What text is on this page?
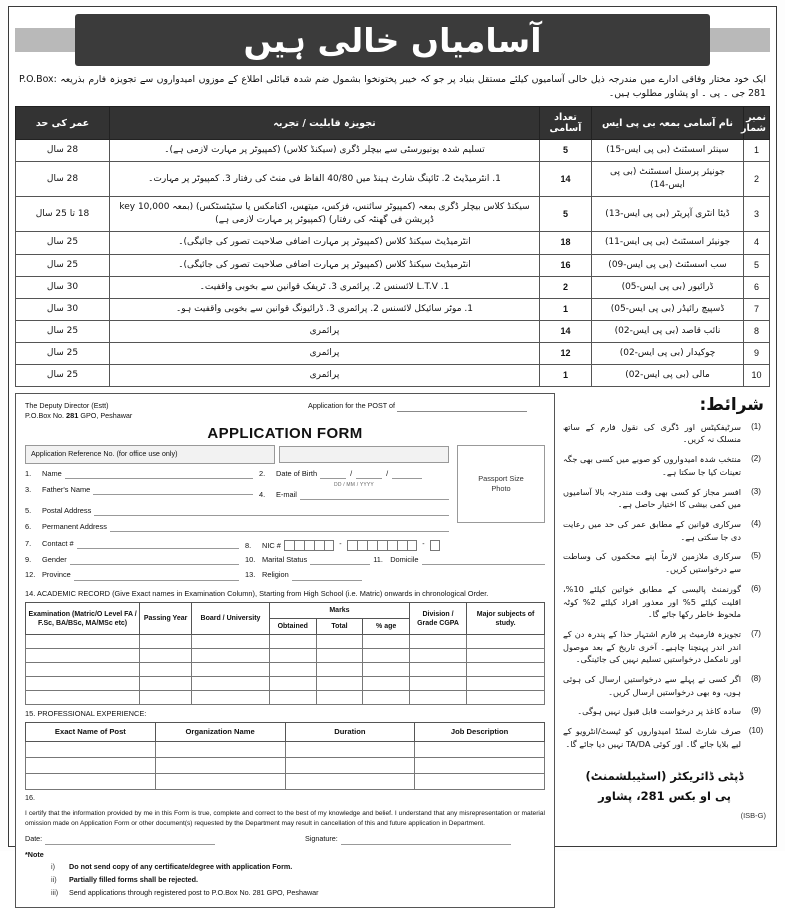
آسامیاں خالی ہیں
ایک خود مختار وفاقی ادارے میں مندرجہ ذیل خالی آسامیوں کیلئے مستقل بنیاد پر جو کہ خیبر پختونخوا بشمول ضم شدہ قبائلی اطلاع کے موزوں امیدواروں سے تجویزہ فارم بذریعہ P.O.Box: 281 جی ۔ پی ۔ او پشاور مطلوب ہیں۔
نمبر شمار	نام آسامی بمعہ بی پی ایس	تعداد آسامی	تجویزہ قابلیت / تجربہ	عمر کی حد
1	سینئر اسسٹنٹ (بی پی ایس-15)	5	تسلیم شدہ یونیورسٹی سے بیچلر ڈگری (سیکنڈ کلاس) (کمپیوٹر پر مہارت لازمی ہے)۔	28 سال
2	جونیئر پرسنل اسسٹنٹ (بی پی ایس-14)	14	1. انٹرمیڈیٹ 2. ٹائپنگ شارٹ ہینڈ میں 40/80 الفاظ فی منٹ کی رفتار 3. کمپیوٹر پر مہارت۔	28 سال
3	ڈیٹا انٹری آپریٹر (بی پی ایس-13)	5	سیکنڈ کلاس بیچلر ڈگری بمعہ (کمپیوٹر سائنس، فزکس، میتھس، اکنامکس یا سٹیٹسٹکس) (بمعہ key 10,000 ڈپریشن فی گھنٹہ کی رفتار) (کمپیوٹر پر مہارت لازمی ہے)	18 تا 25 سال
4	جونیئر اسسٹنٹ (بی پی ایس-11)	18	انٹرمیڈیٹ سیکنڈ کلاس (کمپیوٹر پر مہارت اضافی صلاحیت تصور کی جائیگی)۔	25 سال
5	سب اسسٹنٹ (بی پی ایس-09)	16	انٹرمیڈیٹ سیکنڈ کلاس (کمپیوٹر پر مہارت اضافی صلاحیت تصور کی جائیگی)۔	25 سال
6	ڈرائیور (بی پی ایس-05)	2	1. L.T.V لائسنس 2. پرائمری 3. ٹریفک قوانین سے بخوبی واقفیت۔	30 سال
7	ڈسپیچ رائیڈر (بی پی ایس-05)	1	1. موٹر سائیکل لائسنس 2. پرائمری 3. ڈرائیونگ قوانین سے بخوبی واقفیت ہو۔	30 سال
8	نائب قاصد (بی پی ایس-02)	14	پرائمری	25 سال
9	چوکیدار (بی پی ایس-02)	12	پرائمری	25 سال
10	مالی (بی پی ایس-02)	1	پرائمری	25 سال
The Deputy Director (Estt)
P.O.Box No. 281 GPO, Peshawar
Application for the POST of
APPLICATION FORM
Application Reference No. (for office use only)
1.	Name
3.	Father's Name
2.	Date of Birth	/	/
DD / MM / YYYY
4.	E-mail
5.	Postal Address
6.	Permanent Address
Passport Size
Photo
7.	Contact #	8.	NIC #	-	-
9.	Gender
12. Province
10. Marital Status	11. Domicile
13. Religion
14. ACADEMIC RECORD (Give Exact names in Examination Column), Starting from High School (i.e. Matric) onwards in chronological Order.
Examination (Matric/O Level FA / F.Sc, BA/BSc, MA/MSc etc)	Passing Year	Board / University	Marks			Division / Grade CGPA	Major subjects of study.
			Obtained	Total	% age		

15. PROFESSIONAL EXPERIENCE:
Exact Name of Post	Organization Name	Duration	Job Description

16.
I certify that the information provided by me in this Form is true, complete and correct to the best of my knowledge and belief. I understand that any misrepresentation or material omission made on Application Form or other document(s) requested by the Department may result in cancellation of this and future application in Department.
Date:	Signature:
*Note
i)	Do not send copy of any certificate/degree with application Form.
ii)	Partially filled forms shall be rejected.
iii)	Send applications through registered post to P.O.Box No. 281 GPO, Peshawar
شرائط:
(1)
سرٹیفکیٹس اور ڈگری کی نقول فارم کے ساتھ منسلک نہ کریں۔
(2)
منتخب شدہ امیدواروں کو صوبے میں کسی بھی جگہ تعینات کیا جا سکتا ہے۔
(3)
افسر مجاز کو کسی بھی وقت مندرجہ بالا آسامیوں میں کمی بیشی کا اختیار حاصل ہے۔
(4)
سرکاری قوانین کے مطابق عمر کی حد میں رعایت دی جا سکتی ہے۔
(5)
سرکاری ملازمین لازماً اپنے محکموں کی وساطت سے درخواستیں کریں۔
(6)
گورنمنٹ پالیسی کے مطابق خواتین کیلئے 10%، اقلیت کیلئے 5% اور معذور افراد کیلئے 2% کوٹہ ملحوظ خاطر رکھا جائے گا۔
(7)
تجویزہ فارمیٹ پر فارم اشتہار حذا کے پندرہ دن کے اندر اندر پہنچنا چاہیے۔ آخری تاریخ کے بعد موصول اور نامکمل درخواستیں تسلیم نہیں کی جائینگی۔
(8)
اگر کسی نے پہلے سے درخواستیں ارسال کی ہوئی ہوں، وہ بھی درخواستیں ارسال کریں۔
(9)
سادہ کاغذ پر درخواست قابل قبول نہیں ہوگی۔
(10)
صرف شارٹ لسٹڈ امیدواروں کو ٹیسٹ/انٹرویو کے لیے بلایا جائے گا۔ اور کوئی TA/DA نہیں دیا جائے گا۔
ڈپٹی ڈائریکٹر (اسٹیبلشمنٹ)
پی او بکس 281، پشاور
(ISB-G)
